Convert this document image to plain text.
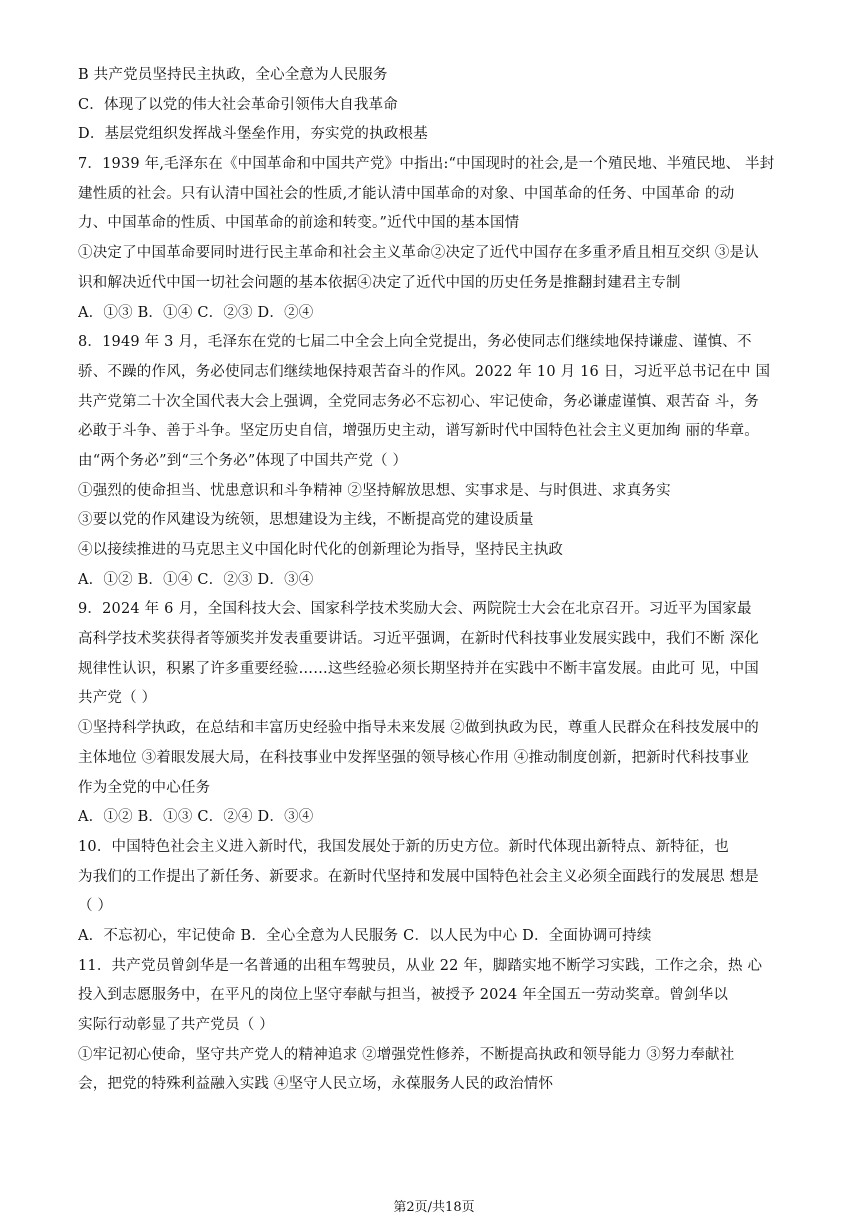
B 共产党员坚持民主执政，全心全意为人民服务
C．体现了以党的伟大社会革命引领伟大自我革命
D．基层党组织发挥战斗堡垒作用，夯实党的执政根基
7．1939 年,毛泽东在《中国革命和中国共产党》中指出:“中国现时的社会,是一个殖民地、半殖民地、 半封
建性质的社会。只有认清中国社会的性质,才能认清中国革命的对象、中国革命的任务、中国革命 的动
力、中国革命的性质、中国革命的前途和转变。”近代中国的基本国情
①决定了中国革命要同时进行民主革命和社会主义革命②决定了近代中国存在多重矛盾且相互交织 ③是认
识和解决近代中国一切社会问题的基本依据④决定了近代中国的历史任务是推翻封建君主专制
A．①③ B．①④ C．②③ D．②④
8．1949 年 3 月，毛泽东在党的七届二中全会上向全党提出，务必使同志们继续地保持谦虚、谨慎、不
骄、不躁的作风，务必使同志们继续地保持艰苦奋斗的作风。2022 年 10 月 16 日，习近平总书记在中 国
共产党第二十次全国代表大会上强调，全党同志务必不忘初心、牢记使命，务必谦虚谨慎、艰苦奋 斗，务
必敢于斗争、善于斗争。坚定历史自信，增强历史主动，谱写新时代中国特色社会主义更加绚 丽的华章。
由“两个务必”到“三个务必”体现了中国共产党（ ）
①强烈的使命担当、忧患意识和斗争精神 ②坚持解放思想、实事求是、与时俱进、求真务实
③要以党的作风建设为统领，思想建设为主线，不断提高党的建设质量
④以接续推进的马克思主义中国化时代化的创新理论为指导，坚持民主执政
A．①② B．①④ C．②③ D．③④
9．2024 年 6 月，全国科技大会、国家科学技术奖励大会、两院院士大会在北京召开。习近平为国家最
高科学技术奖获得者等颁奖并发表重要讲话。习近平强调，在新时代科技事业发展实践中，我们不断 深化
规律性认识，积累了许多重要经验……这些经验必须长期坚持并在实践中不断丰富发展。由此可 见，中国
共产党（ ）
①坚持科学执政，在总结和丰富历史经验中指导未来发展 ②做到执政为民，尊重人民群众在科技发展中的
主体地位 ③着眼发展大局，在科技事业中发挥坚强的领导核心作用 ④推动制度创新，把新时代科技事业
作为全党的中心任务
A．①② B．①③ C．②④ D．③④
10．中国特色社会主义进入新时代，我国发展处于新的历史方位。新时代体现出新特点、新特征，也
为我们的工作提出了新任务、新要求。在新时代坚持和发展中国特色社会主义必须全面践行的发展思 想是
（ ）
A．不忘初心，牢记使命 B．全心全意为人民服务 C．以人民为中心 D．全面协调可持续
11．共产党员曾剑华是一名普通的出租车驾驶员，从业 22 年，脚踏实地不断学习实践，工作之余，热 心
投入到志愿服务中，在平凡的岗位上坚守奉献与担当，被授予 2024 年全国五一劳动奖章。曾剑华以
实际行动彰显了共产党员（ ）
①牢记初心使命，坚守共产党人的精神追求 ②增强党性修养，不断提高执政和领导能力 ③努力奉献社
会，把党的特殊利益融入实践 ④坚守人民立场，永葆服务人民的政治情怀
第2页/共18页
